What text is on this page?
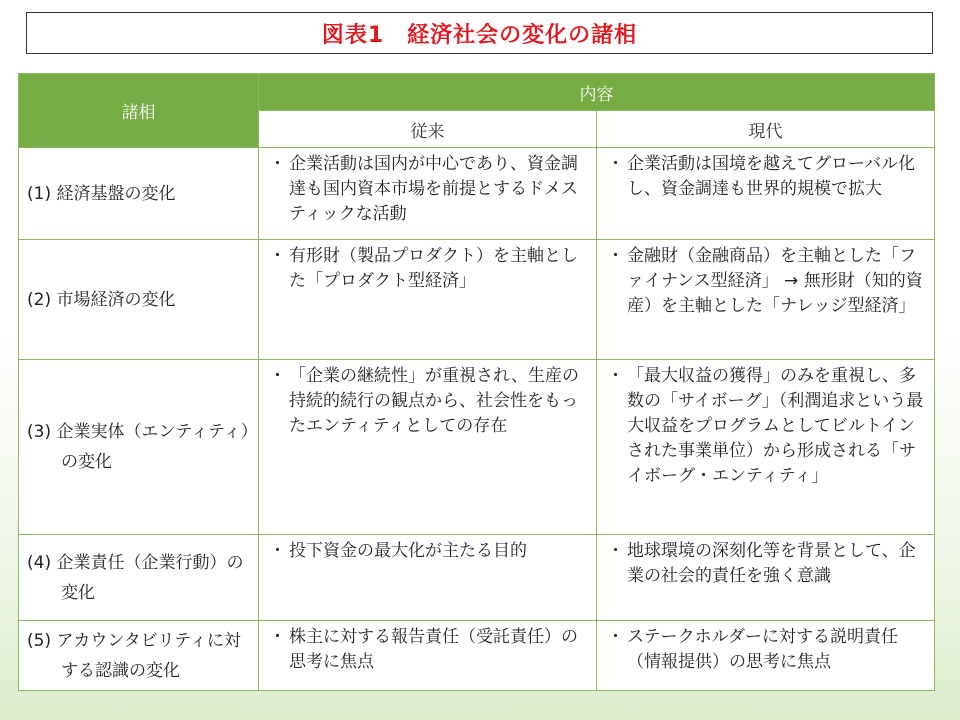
図表1　経済社会の変化の諸相
諸相	内容	
	従来	現代

(1) 経済基盤の変化	・ 企業活動は国内が中心であり、資金調達も国内資本市場を前提とするドメスティックな活動	・ 企業活動は国境を越えてグローバル化し、資金調達も世界的規模で拡大

(2) 市場経済の変化	・ 有形財（製品プロダクト）を主軸とした「プロダクト型経済」	・ 金融財（金融商品）を主軸とした「ファイナンス型経済」 → 無形財（知的資産）を主軸とした「ナレッジ型経済」

(3) 企業実体（エンティティ）の変化	・ 「企業の継続性」が重視され、生産の持続的続行の観点から、社会性をもったエンティティとしての存在	・ 「最大収益の獲得」のみを重視し、多数の「サイボーグ」（利潤追求という最大収益をプログラムとしてビルトインされた事業単位）から形成される「サイボーグ・エンティティ」

(4) 企業責任（企業行動）の変化	・ 投下資金の最大化が主たる目的	・ 地球環境の深刻化等を背景として、企業の社会的責任を強く意識

(5) アカウンタビリティに対する認識の変化	・ 株主に対する報告責任（受託責任）の思考に焦点	・ ステークホルダーに対する説明責任（情報提供）の思考に焦点
